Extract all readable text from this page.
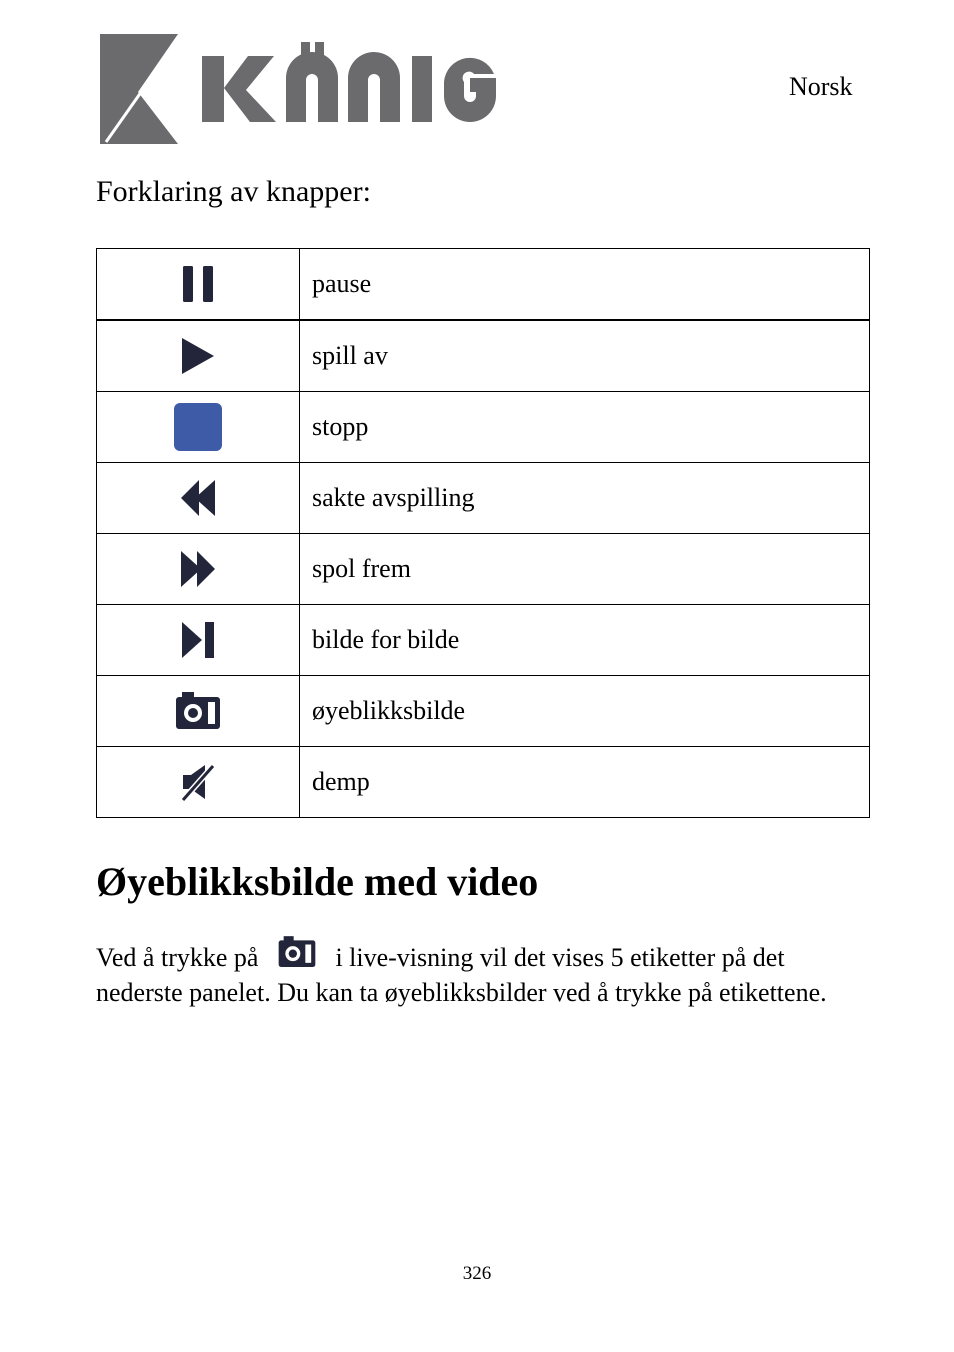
Norsk
Forklaring av knapper:
	pause
	spill av
	stopp
	sakte avspilling
	spol frem
	bilde for bilde
	øyeblikksbilde
	demp
Øyeblikksbilde med video
Ved å trykke på	i live-visning vil det vises 5 etiketter på det nederste panelet. Du kan ta øyeblikksbilder ved å trykke på etikettene.
326
